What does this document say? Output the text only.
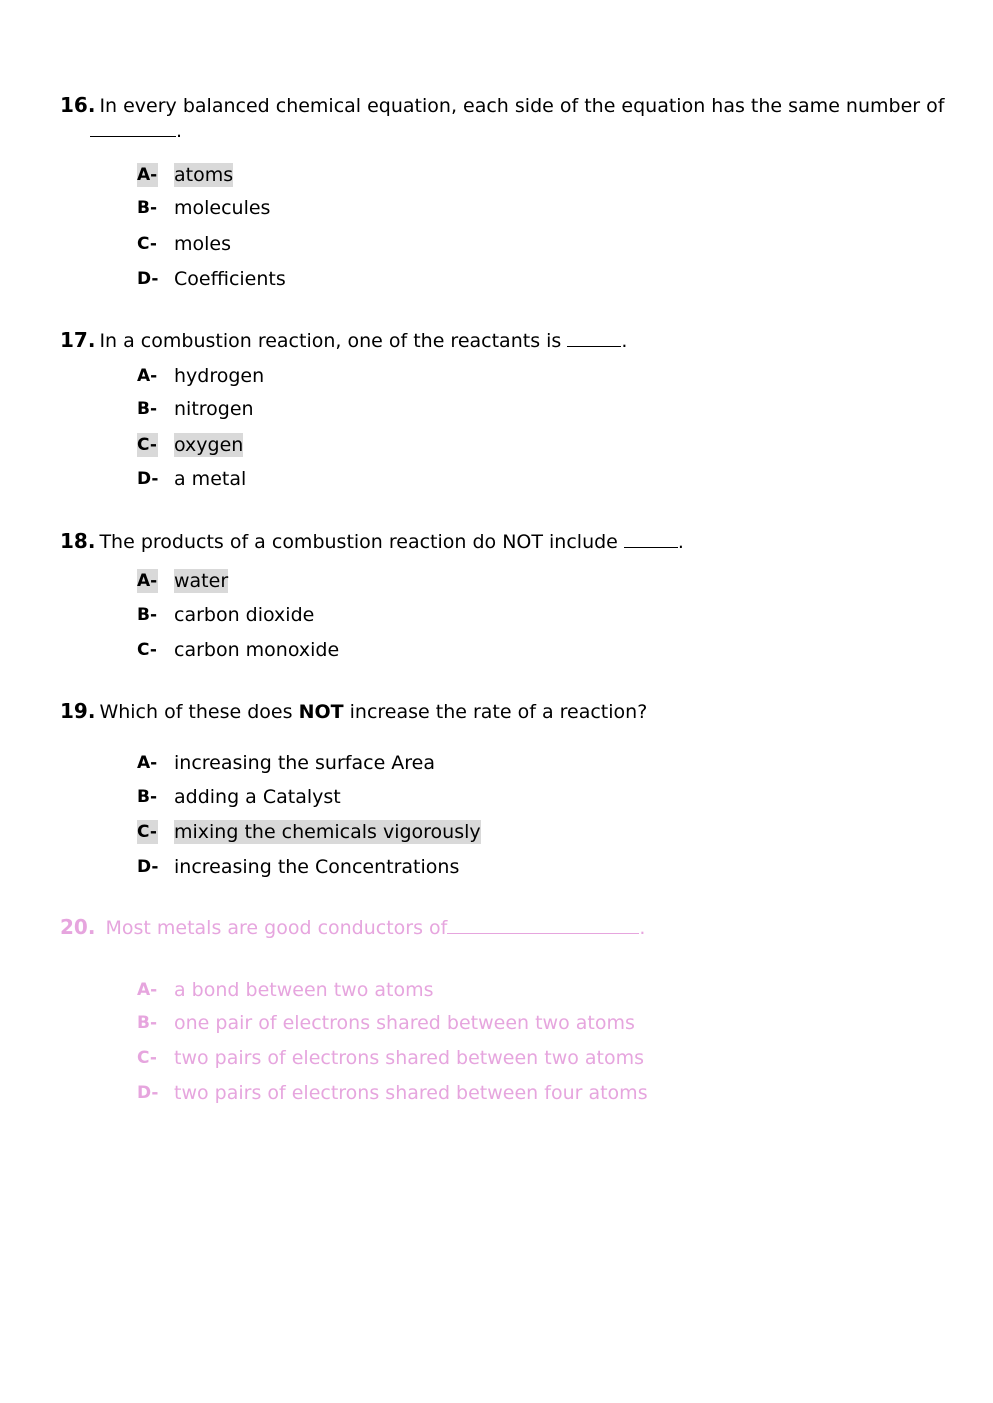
16. In every balanced chemical equation, each side of the equation has the same number of
.
A- atoms
B- molecules
C- moles
D- Coefficients
17. In a combustion reaction, one of the reactants is	.
A- hydrogen
B- nitrogen
C- oxygen
D- a metal
18. The products of a combustion reaction do NOT include	.
A- water
B- carbon dioxide
C- carbon monoxide
19. Which of these does NOT increase the rate of a reaction?
A- increasing the surface Area
B- adding a Catalyst
C- mixing the chemicals vigorously
D- increasing the Concentrations
20. Most metals are good conductors of	.
A- a bond between two atoms
B- one pair of electrons shared between two atoms
C- two pairs of electrons shared between two atoms
D- two pairs of electrons shared between four atoms
